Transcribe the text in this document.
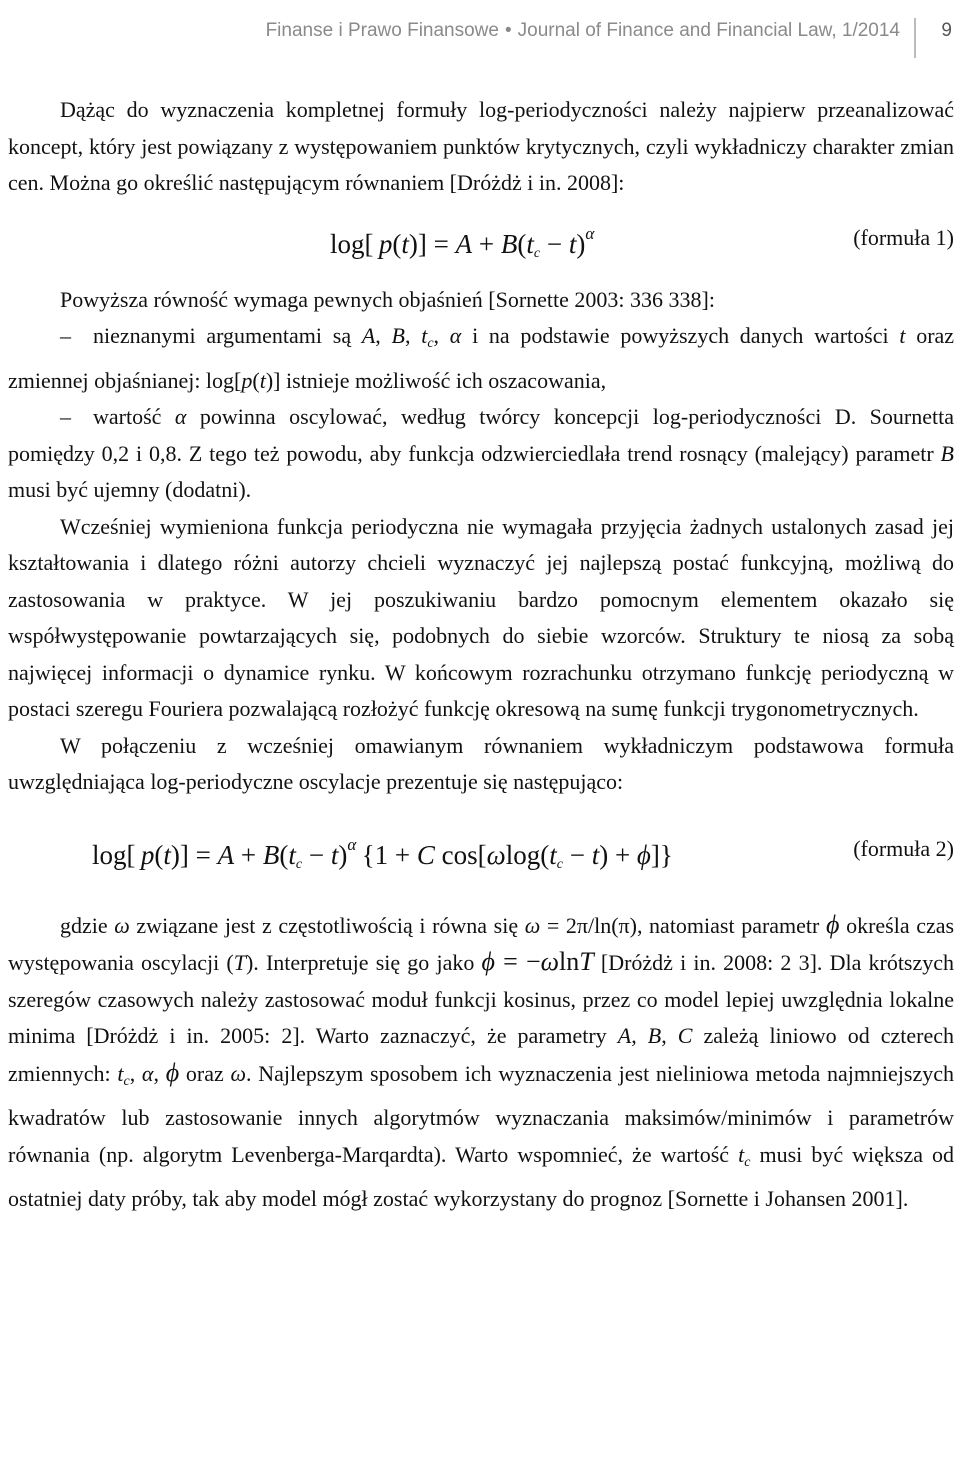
Finanse i Prawo Finansowe • Journal of Finance and Financial Law, 1/2014 9

Dążąc do wyznaczenia kompletnej formuły log-periodyczności należy najpierw przeanalizować koncept, który jest powiązany z występowaniem punktów krytycznych, czyli wykładniczy charakter zmian cen. Można go określić następującym równaniem [Dróżdż i in. 2008]:

log[ $p(t)] = A + B(t_c - t)^\alpha$	(formuła 1)

Powyższa równość wymaga pewnych objaśnień [Sornette 2003: 336 338]:

– nieznanymi argumentami są A, B, $t_c$, α i na podstawie powyższych danych wartości t oraz zmiennej objaśnianej: log[p(t)] istnieje możliwość ich oszacowania,

– wartość α powinna oscylować, według twórcy koncepcji log-periodyczności D. Sournetta pomiędzy 0,2 i 0,8. Z tego też powodu, aby funkcja odzwierciedlała trend rosnący (malejący) parametr B musi być ujemny (dodatni).

Wcześniej wymieniona funkcja periodyczna nie wymagała przyjęcia żadnych ustalonych zasad jej kształtowania i dlatego różni autorzy chcieli wyznaczyć jej najlepszą postać funkcyjną, możliwą do zastosowania w praktyce. W jej poszukiwaniu bardzo pomocnym elementem okazało się współwystępowanie powtarzających się, podobnych do siebie wzorców. Struktury te niosą za sobą najwięcej informacji o dynamice rynku. W końcowym rozrachunku otrzymano funkcję periodyczną w postaci szeregu Fouriera pozwalającą rozłożyć funkcję okresową na sumę funkcji trygonometrycznych.

W połączeniu z wcześniej omawianym równaniem wykładniczym podstawowa formuła uwzględniająca log-periodyczne oscylacje prezentuje się następująco:

log[ $p(t)] = A + B(t_c - t)^\alpha$ {1 + C $\cos[\omega\log(t_c - t) + \phi]$}	(formuła 2)

gdzie ω związane jest z częstotliwością i równa się ω = 2π/ln(π), natomiast parametr ϕ określa czas występowania oscylacji (T). Interpretuje się go jako ϕ = −ωlnT [Dróżdż i in. 2008: 2 3]. Dla krótszych szeregów czasowych należy zastosować moduł funkcji kosinus, przez co model lepiej uwzględnia lokalne minima [Dróżdż i in. 2005: 2]. Warto zaznaczyć, że parametry A, B, C zależą liniowo od czterech zmiennych: $t_c$, α, ϕ oraz ω. Najlepszym sposobem ich wyznaczenia jest nieliniowa metoda najmniejszych kwadratów lub zastosowanie innych algorytmów wyznaczania maksimów/minimów i parametrów równania (np. algorytm Levenberga-Marqardta). Warto wspomnieć, że wartość $t_c$ musi być większa od ostatniej daty próby, tak aby model mógł zostać wykorzystany do prognoz [Sornette i Johansen 2001].
